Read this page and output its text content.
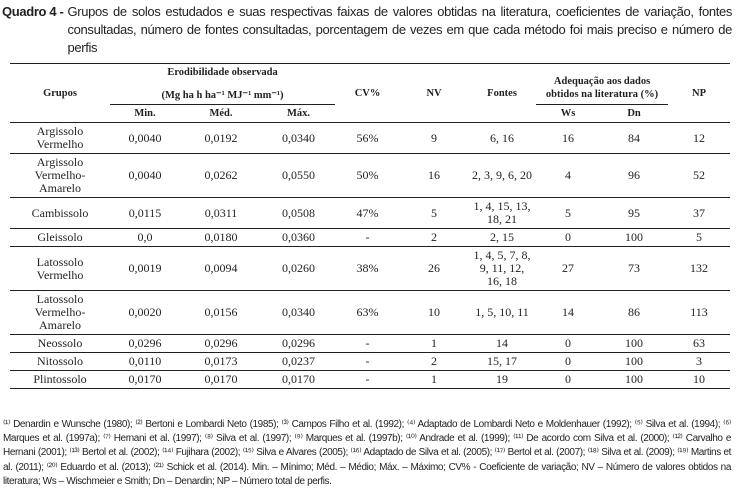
Quadro 4 - Grupos de solos estudados e suas respectivas faixas de valores obtidas na literatura, coeficientes de variação, fontes consultadas, número de fontes consultadas, porcentagem de vezes em que cada método foi mais preciso e número de perfis
Grupos	Erodibilidade observada
(Mg ha h ha⁻¹ MJ⁻¹ mm⁻¹)			CV%	NV	Fontes	Adequação aos dados obtidos na literatura (%)		NP
	Min.	Méd.	Máx.				Ws	Dn	

Argissolo Vermelho	0,0040	0,0192	0,0340	56%	9	6, 16	16	84	12

Argissolo Vermelho-Amarelo	0,0040	0,0262	0,0550	50%	16	2, 3, 9, 6, 20	4	96	52

Cambissolo	0,0115	0,0311	0,0508	47%	5	1, 4, 15, 13, 18, 21	5	95	37

Gleissolo	0,0	0,0180	0,0360	-	2	2, 15	0	100	5

Latossolo Vermelho	0,0019	0,0094	0,0260	38%	26	1, 4, 5, 7, 8, 9, 11, 12, 16, 18	27	73	132

Latossolo Vermelho-Amarelo	0,0020	0,0156	0,0340	63%	10	1, 5, 10, 11	14	86	113

Neossolo	0,0296	0,0296	0,0296	-	1	14	0	100	63

Nitossolo	0,0110	0,0173	0,0237	-	2	15, 17	0	100	3

Plintossolo	0,0170	0,0170	0,0170	-	1	19	0	100	10
⁽¹⁾ Denardin e Wunsche (1980); ⁽²⁾ Bertoni e Lombardi Neto (1985); ⁽³⁾ Campos Filho et al. (1992); ⁽⁴⁾ Adaptado de Lombardi Neto e Moldenhauer (1992); ⁽⁵⁾ Silva et al. (1994); ⁽⁶⁾ Marques et al. (1997a); ⁽⁷⁾ Hernani et al. (1997); ⁽⁸⁾ Silva et al. (1997); ⁽⁹⁾ Marques et al. (1997b); ⁽¹⁰⁾ Andrade et al. (1999); ⁽¹¹⁾ De acordo com Silva et al. (2000); ⁽¹²⁾ Carvalho e Hernani (2001); ⁽¹³⁾ Bertol et al. (2002); ⁽¹⁴⁾ Fujihara (2002); ⁽¹⁵⁾ Silva e Alvares (2005); ⁽¹⁶⁾ Adaptado de Silva et al. (2005); ⁽¹⁷⁾ Bertol et al. (2007); ⁽¹⁸⁾ Silva et al. (2009); ⁽¹⁹⁾ Martins et al. (2011); ⁽²⁰⁾ Eduardo et al. (2013); ⁽²¹⁾ Schick et al. (2014). Min. – Mínimo; Méd. – Médio; Máx. – Máximo; CV% - Coeficiente de variação; NV – Número de valores obtidos na literatura; Ws – Wischmeier e Smith; Dn – Denardin; NP – Número total de perfis.
